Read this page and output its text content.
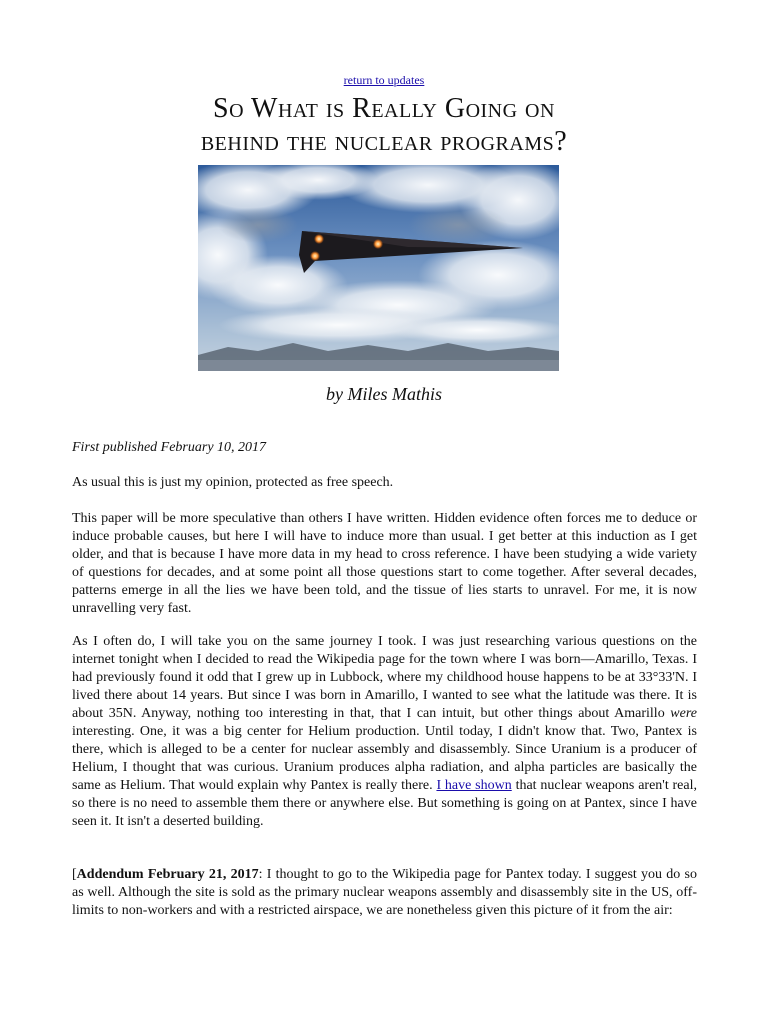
return to updates
So What is Really Going on
behind the nuclear programs?

by Miles Mathis

First published February 10, 2017

As usual this is just my opinion, protected as free speech.

This paper will be more speculative than others I have written. Hidden evidence often forces me to deduce or induce probable causes, but here I will have to induce more than usual. I get better at this induction as I get older, and that is because I have more data in my head to cross reference. I have been studying a wide variety of questions for decades, and at some point all those questions start to come together. After several decades, patterns emerge in all the lies we have been told, and the tissue of lies starts to unravel. For me, it is now unravelling very fast.

As I often do, I will take you on the same journey I took. I was just researching various questions on the internet tonight when I decided to read the Wikipedia page for the town where I was born—Amarillo, Texas. I had previously found it odd that I grew up in Lubbock, where my childhood house happens to be at 33°33'N. I lived there about 14 years. But since I was born in Amarillo, I wanted to see what the latitude was there. It is about 35N. Anyway, nothing too interesting in that, that I can intuit, but other things about Amarillo were interesting. One, it was a big center for Helium production. Until today, I didn't know that. Two, Pantex is there, which is alleged to be a center for nuclear assembly and disassembly. Since Uranium is a producer of Helium, I thought that was curious. Uranium produces alpha radiation, and alpha particles are basically the same as Helium. That would explain why Pantex is really there. I have shown that nuclear weapons aren't real, so there is no need to assemble them there or anywhere else. But something is going on at Pantex, since I have seen it. It isn't a deserted building.

[Addendum February 21, 2017: I thought to go to the Wikipedia page for Pantex today. I suggest you do so as well. Although the site is sold as the primary nuclear weapons assembly and disassembly site in the US, off-limits to non-workers and with a restricted airspace, we are nonetheless given this picture of it from the air:
